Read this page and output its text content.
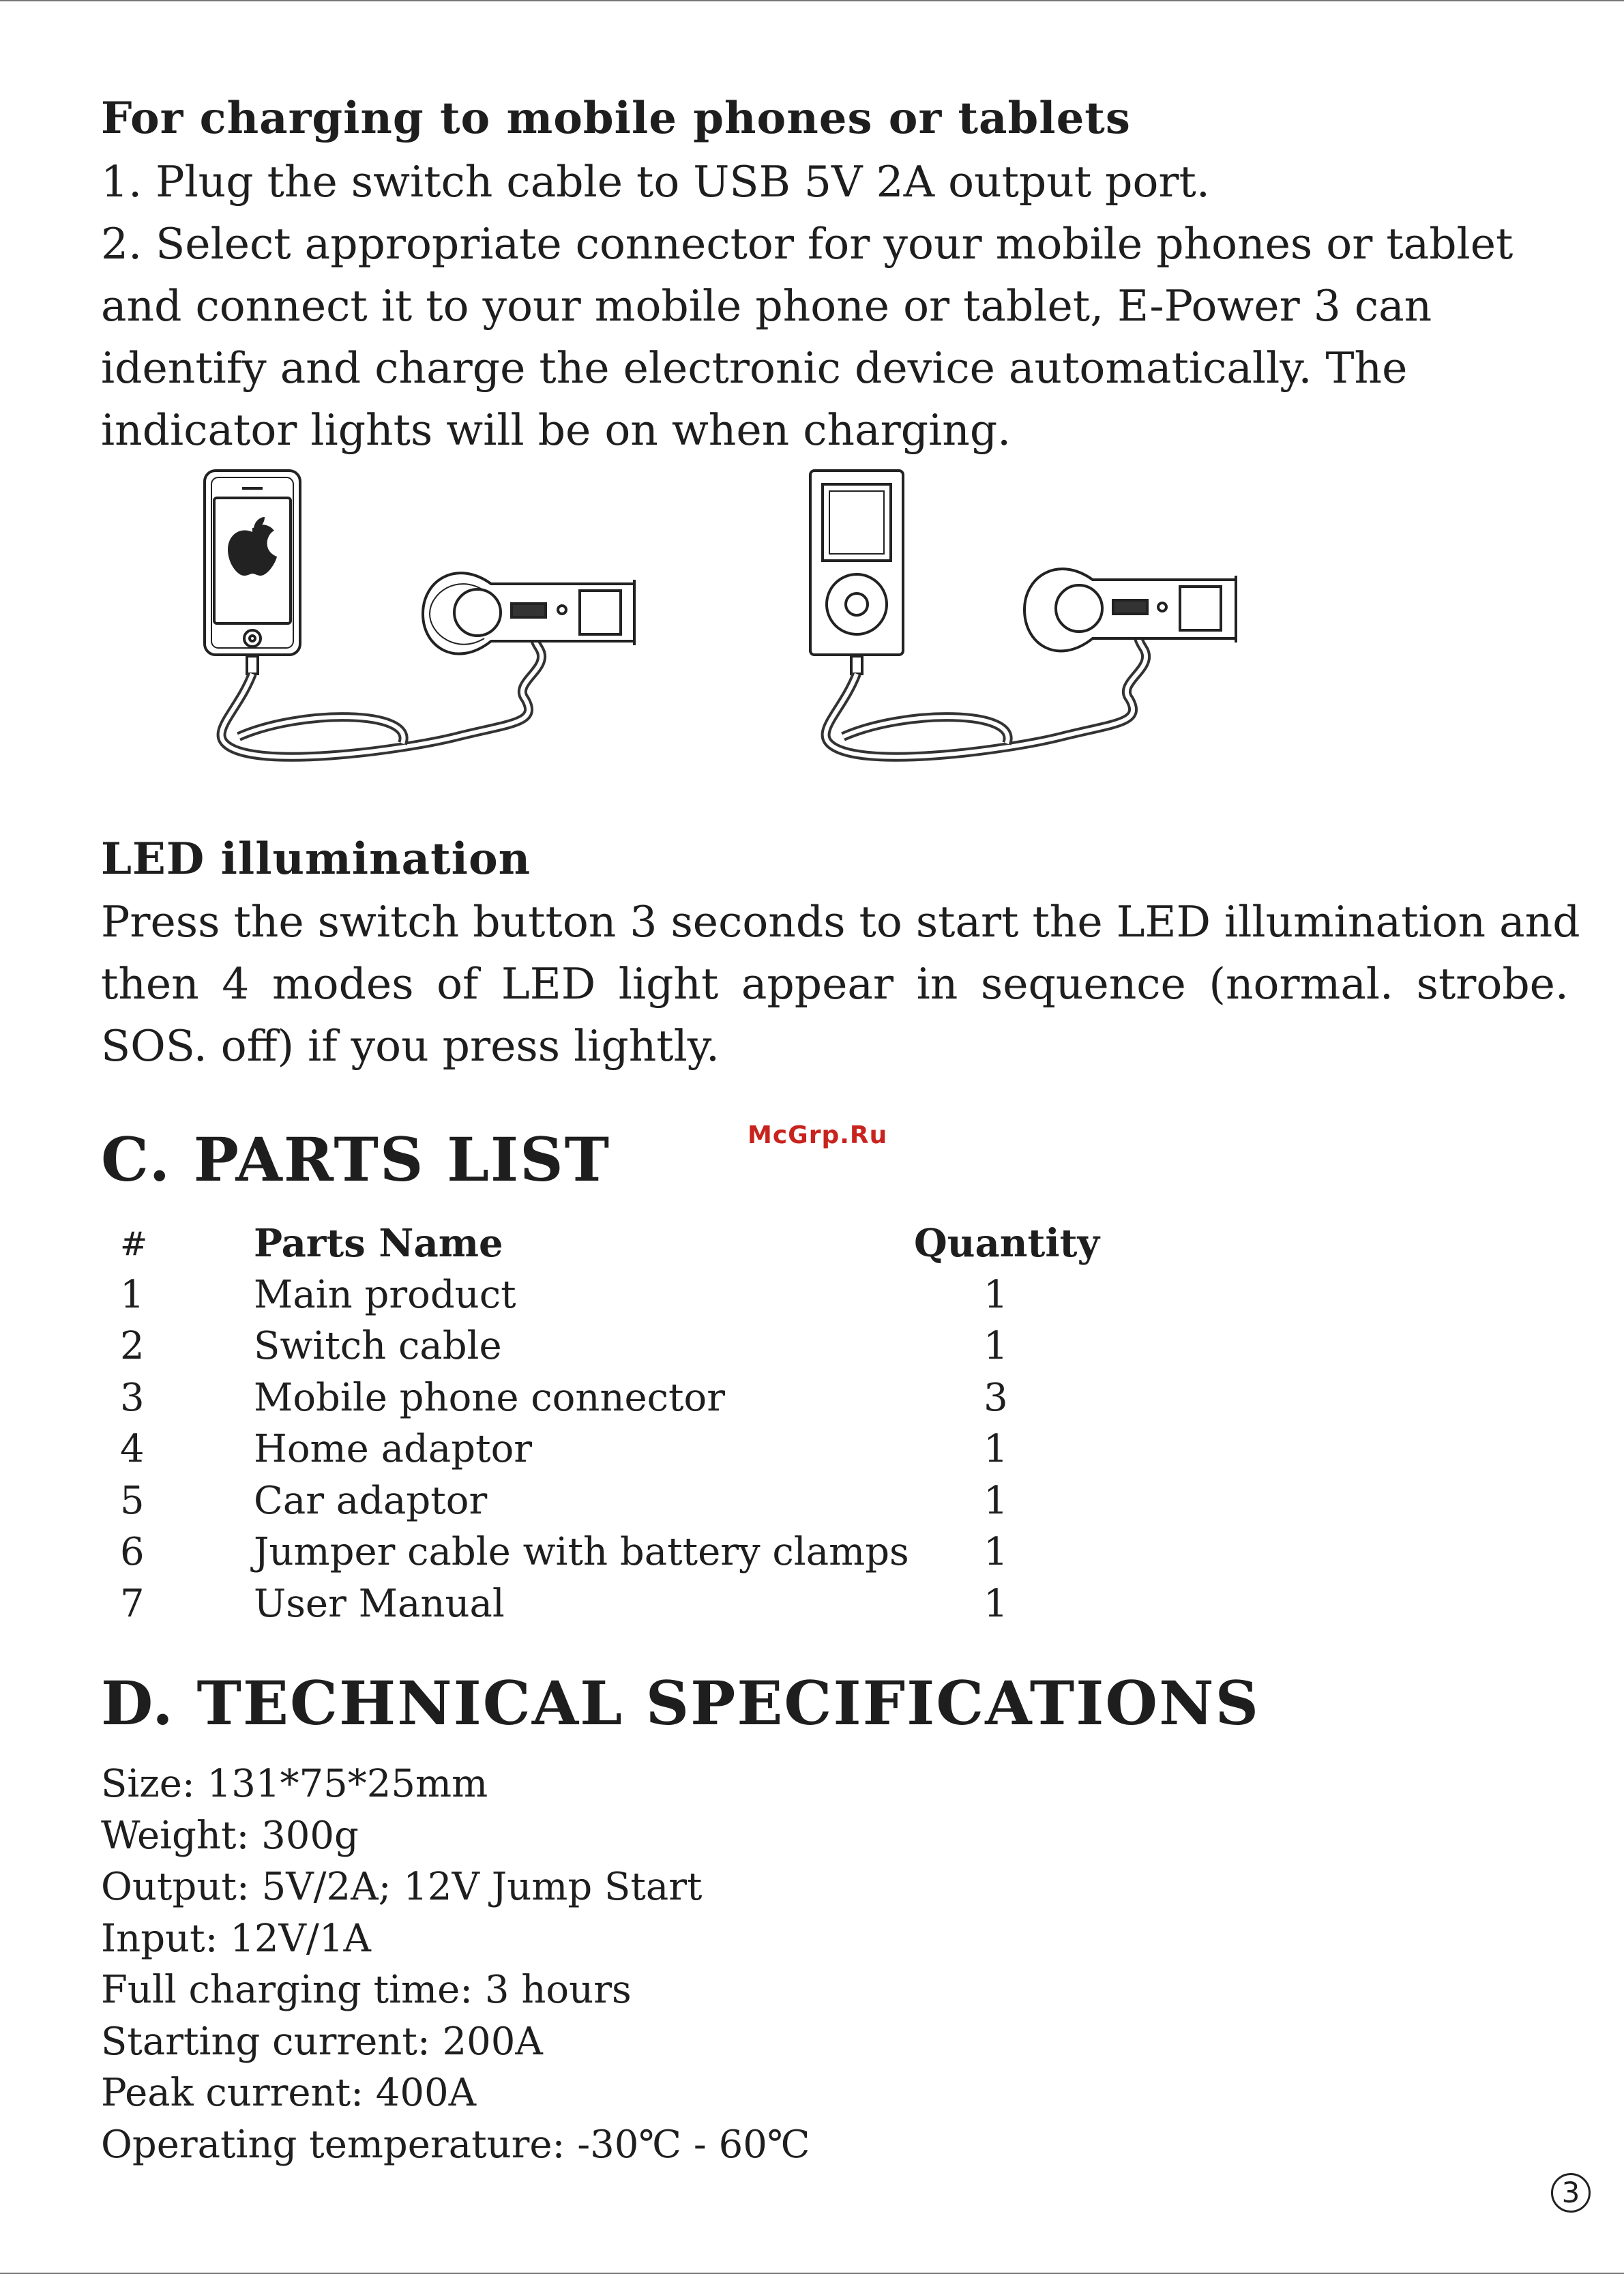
For charging to mobile phones or tablets
1. Plug the switch cable to USB 5V 2A output port.
2. Select appropriate connector for your mobile phones or tablet
and connect it to your mobile phone or tablet, E-Power 3 can
identify and charge the electronic device automatically. The
indicator lights will be on when charging.
LED illumination
Press the switch button 3 seconds to start the LED illumination and
then 4 modes of LED light appear in sequence (normal. strobe.
SOS. off) if you press lightly.
C. PARTS LIST	McGrp.Ru
#	Parts Name	Quantity
1	Main product	1
2	Switch cable	1
3	Mobile phone connector	3
4	Home adaptor	1
5	Car adaptor	1
6	Jumper cable with battery clamps	1
7	User Manual	1
D. TECHNICAL SPECIFICATIONS
Size: 131*75*25mm
Weight: 300g
Output: 5V/2A; 12V Jump Start
Input: 12V/1A
Full charging time: 3 hours
Starting current: 200A
Peak current: 400A
Operating temperature: -30℃ - 60℃
3
